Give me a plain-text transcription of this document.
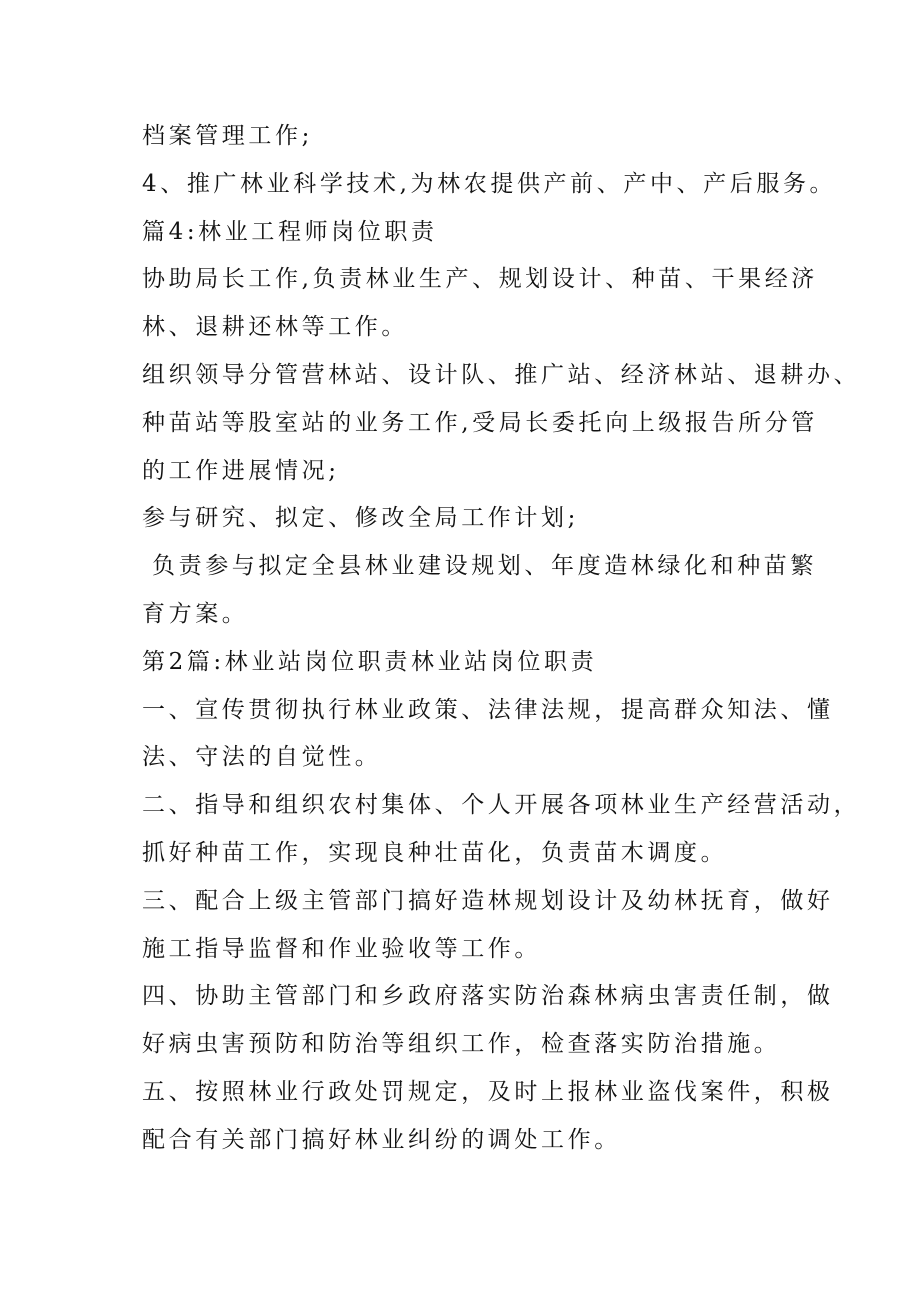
档案管理工作;
4、推广林业科学技术,为林农提供产前、产中、产后服务。
篇4:林业工程师岗位职责
协助局长工作,负责林业生产、规划设计、种苗、干果经济
林、退耕还林等工作。
组织领导分管营林站、设计队、推广站、经济林站、退耕办、
种苗站等股室站的业务工作,受局长委托向上级报告所分管
的工作进展情况;
参与研究、拟定、修改全局工作计划;
负责参与拟定全县林业建设规划、年度造林绿化和种苗繁
育方案。
第2篇:林业站岗位职责林业站岗位职责
一、宣传贯彻执行林业政策、法律法规，提高群众知法、懂
法、守法的自觉性。
二、指导和组织农村集体、个人开展各项林业生产经营活动，
抓好种苗工作，实现良种壮苗化，负责苗木调度。
三、配合上级主管部门搞好造林规划设计及幼林抚育，做好
施工指导监督和作业验收等工作。
四、协助主管部门和乡政府落实防治森林病虫害责任制，做
好病虫害预防和防治等组织工作，检查落实防治措施。
五、按照林业行政处罚规定，及时上报林业盗伐案件，积极
配合有关部门搞好林业纠纷的调处工作。
